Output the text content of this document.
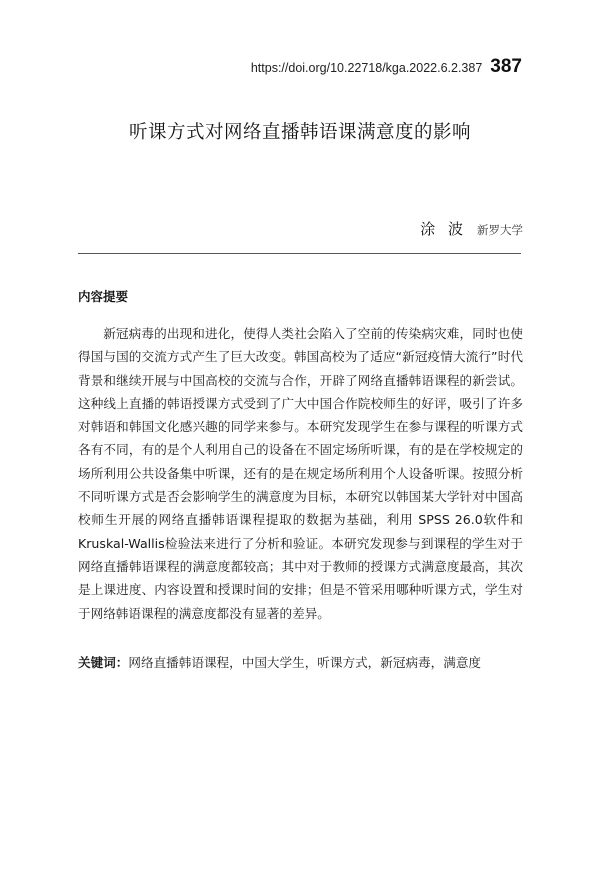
https://doi.org/10.22718/kga.2022.6.2.387 387
听课方式对网络直播韩语课满意度的影响
涂 波 新罗大学
内容提要

新冠病毒的出现和进化，使得人类社会陷入了空前的传染病灾难，同时也使得国与国的交流方式产生了巨大改变。韩国高校为了适应“新冠疫情大流行”时代背景和继续开展与中国高校的交流与合作，开辟了网络直播韩语课程的新尝试。这种线上直播的韩语授课方式受到了广大中国合作院校师生的好评，吸引了许多对韩语和韩国文化感兴趣的同学来参与。本研究发现学生在参与课程的听课方式各有不同，有的是个人利用自己的设备在不固定场所听课，有的是在学校规定的场所利用公共设备集中听课，还有的是在规定场所利用个人设备听课。按照分析不同听课方式是否会影响学生的满意度为目标，本研究以韩国某大学针对中国高校师生开展的网络直播韩语课程提取的数据为基础，利用 SPSS 26.0软件和 Kruskal-Wallis检验法来进行了分析和验证。本研究发现参与到课程的学生对于网络直播韩语课程的满意度都较高；其中对于教师的授课方式满意度最高，其次是上课进度、内容设置和授课时间的安排；但是不管采用哪种听课方式，学生对于网络韩语课程的满意度都没有显著的差异。

关键词：网络直播韩语课程，中国大学生，听课方式，新冠病毒，满意度
